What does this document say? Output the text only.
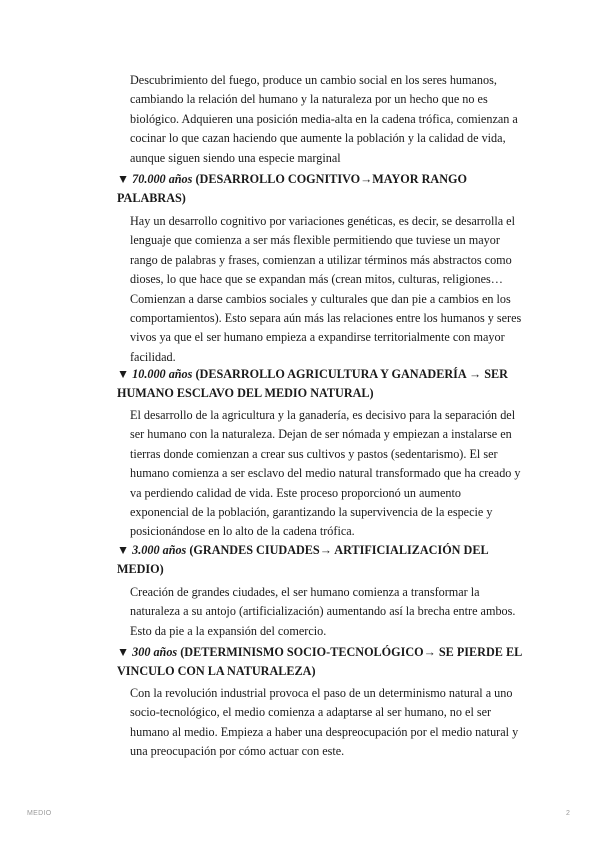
Descubrimiento del fuego, produce un cambio social en los seres humanos, cambiando la relación del humano y la naturaleza por un hecho que no es biológico. Adquieren una posición media-alta en la cadena trófica, comienzan a cocinar lo que cazan haciendo que aumente la población y la calidad de vida, aunque siguen siendo una especie marginal

▼ 70.000 años (DESARROLLO COGNITIVO→MAYOR RANGO PALABRAS)

Hay un desarrollo cognitivo por variaciones genéticas, es decir, se desarrolla el lenguaje que comienza a ser más flexible permitiendo que tuviese un mayor rango de palabras y frases, comienzan a utilizar términos más abstractos como dioses, lo que hace que se expandan más (crean mitos, culturas, religiones… Comienzan a darse cambios sociales y culturales que dan pie a cambios en los comportamientos). Esto separa aún más las relaciones entre los humanos y seres vivos ya que el ser humano empieza a expandirse territorialmente con mayor facilidad.

▼ 10.000 años (DESARROLLO AGRICULTURA Y GANADERÍA → SER HUMANO ESCLAVO DEL MEDIO NATURAL)

El desarrollo de la agricultura y la ganadería, es decisivo para la separación del ser humano con la naturaleza. Dejan de ser nómada y empiezan a instalarse en tierras donde comienzan a crear sus cultivos y pastos (sedentarismo). El ser humano comienza a ser esclavo del medio natural transformado que ha creado y va perdiendo calidad de vida. Este proceso proporcionó un aumento exponencial de la población, garantizando la supervivencia de la especie y posicionándose en lo alto de la cadena trófica.

▼ 3.000 años (GRANDES CIUDADES→ ARTIFICIALIZACIÓN DEL MEDIO)

Creación de grandes ciudades, el ser humano comienza a transformar la naturaleza a su antojo (artificialización) aumentando así la brecha entre ambos. Esto da pie a la expansión del comercio.

▼ 300 años (DETERMINISMO SOCIO-TECNOLÓGICO→ SE PIERDE EL VINCULO CON LA NATURALEZA)

Con la revolución industrial provoca el paso de un determinismo natural a uno socio-tecnológico, el medio comienza a adaptarse al ser humano, no el ser humano al medio. Empieza a haber una despreocupación por el medio natural y una preocupación por cómo actuar con este.

MEDIO	2
